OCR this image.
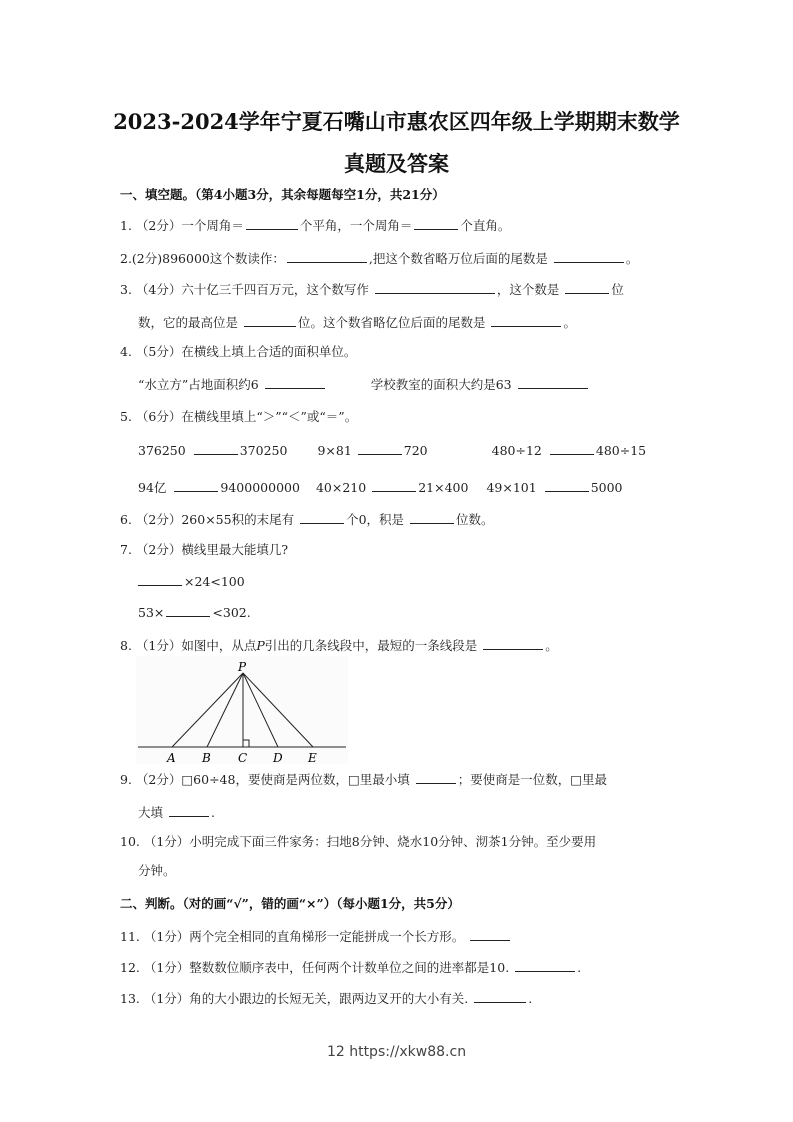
2023-2024学年宁夏石嘴山市惠农区四年级上学期期末数学
真题及答案
一、填空题。（第4小题3分，其余每题每空1分，共21分）
1. （2分）一个周角＝	个平角，一个周角＝	个直角。
2.(2分)896000这个数读作：	,把这个数省略万位后面的尾数是	。
3. （4分）六十亿三千四百万元，这个数写作	，这个数是	位
数，它的最高位是	位。这个数省略亿位后面的尾数是	。
4. （5分）在横线上填上合适的面积单位。
“水立方”占地面积约6	学校教室的面积大约是63
5. （6分）在横线里填上“＞”“＜”或“＝”。
376250	370250 9×81	720	480÷12	480÷15
94亿	9400000000 40×210	21×400 49×101	5000
6. （2分）260×55积的末尾有	个0，积是	位数。
7. （2分）横线里最大能填几?
×24<100
53×	<302.
8. （1分）如图中，从点P引出的几条线段中，最短的一条线段是	。
P
A B C D E
9. （2分）□60÷48，要使商是两位数，□里最小填	；要使商是一位数，□里最
大填	.
10. （1分）小明完成下面三件家务：扫地8分钟、烧水10分钟、沏茶1分钟。至少要用
分钟。
二、判断。（对的画“√”，错的画“×”）（每小题1分，共5分）
11. （1分）两个完全相同的直角梯形一定能拼成一个长方形。
12. （1分）整数数位顺序表中，任何两个计数单位之间的进率都是10.	.
13. （1分）角的大小跟边的长短无关，跟两边叉开的大小有关.	.
12 https://xkw88.cn
